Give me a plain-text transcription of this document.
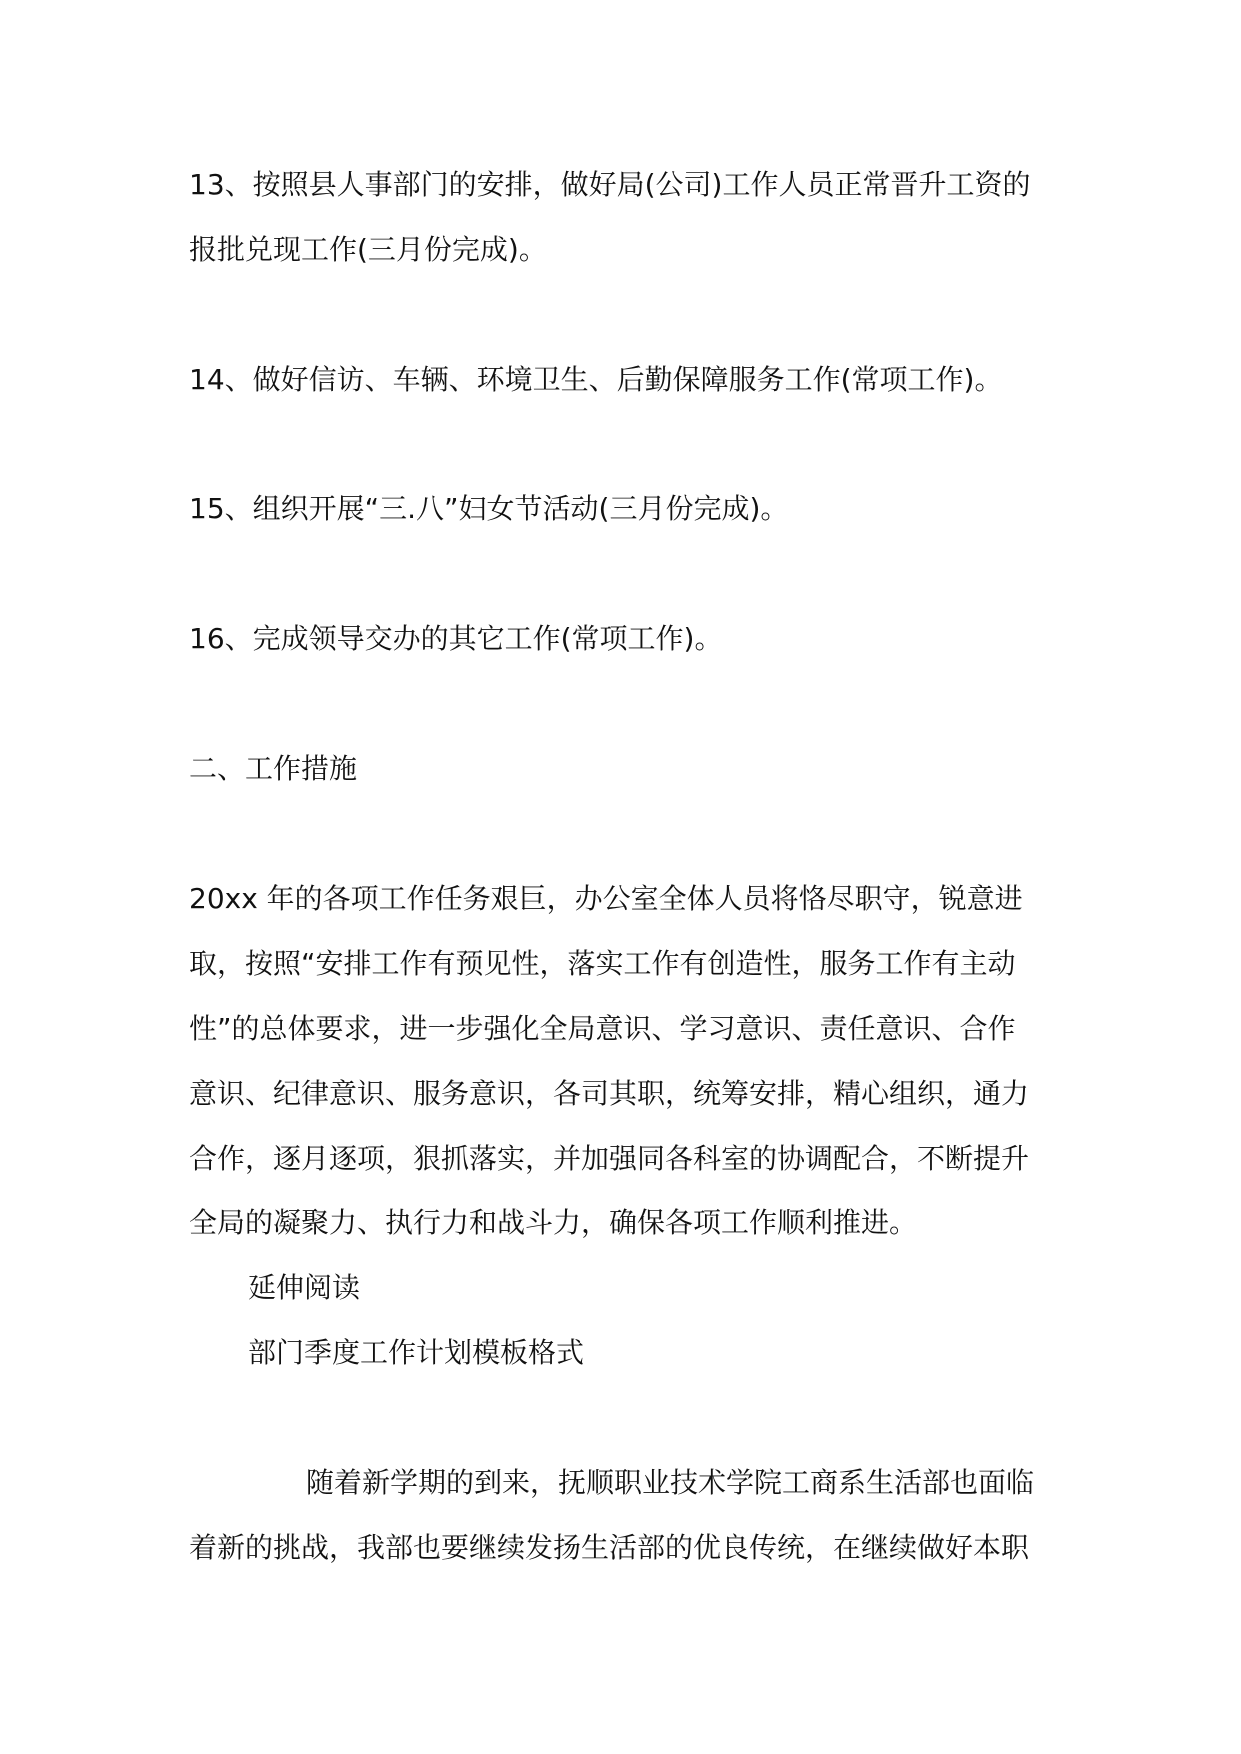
13、按照县人事部门的安排，做好局(公司)工作人员正常晋升工资的
报批兑现工作(三月份完成)。
14、做好信访、车辆、环境卫生、后勤保障服务工作(常项工作)。
15、组织开展“三.八”妇女节活动(三月份完成)。
16、完成领导交办的其它工作(常项工作)。
二、工作措施
20xx 年的各项工作任务艰巨，办公室全体人员将恪尽职守，锐意进
取，按照“安排工作有预见性，落实工作有创造性，服务工作有主动
性”的总体要求，进一步强化全局意识、学习意识、责任意识、合作
意识、纪律意识、服务意识，各司其职，统筹安排，精心组织，通力
合作，逐月逐项，狠抓落实，并加强同各科室的协调配合，不断提升
全局的凝聚力、执行力和战斗力，确保各项工作顺利推进。
延伸阅读
部门季度工作计划模板格式
随着新学期的到来，抚顺职业技术学院工商系生活部也面临
着新的挑战，我部也要继续发扬生活部的优良传统，在继续做好本职
